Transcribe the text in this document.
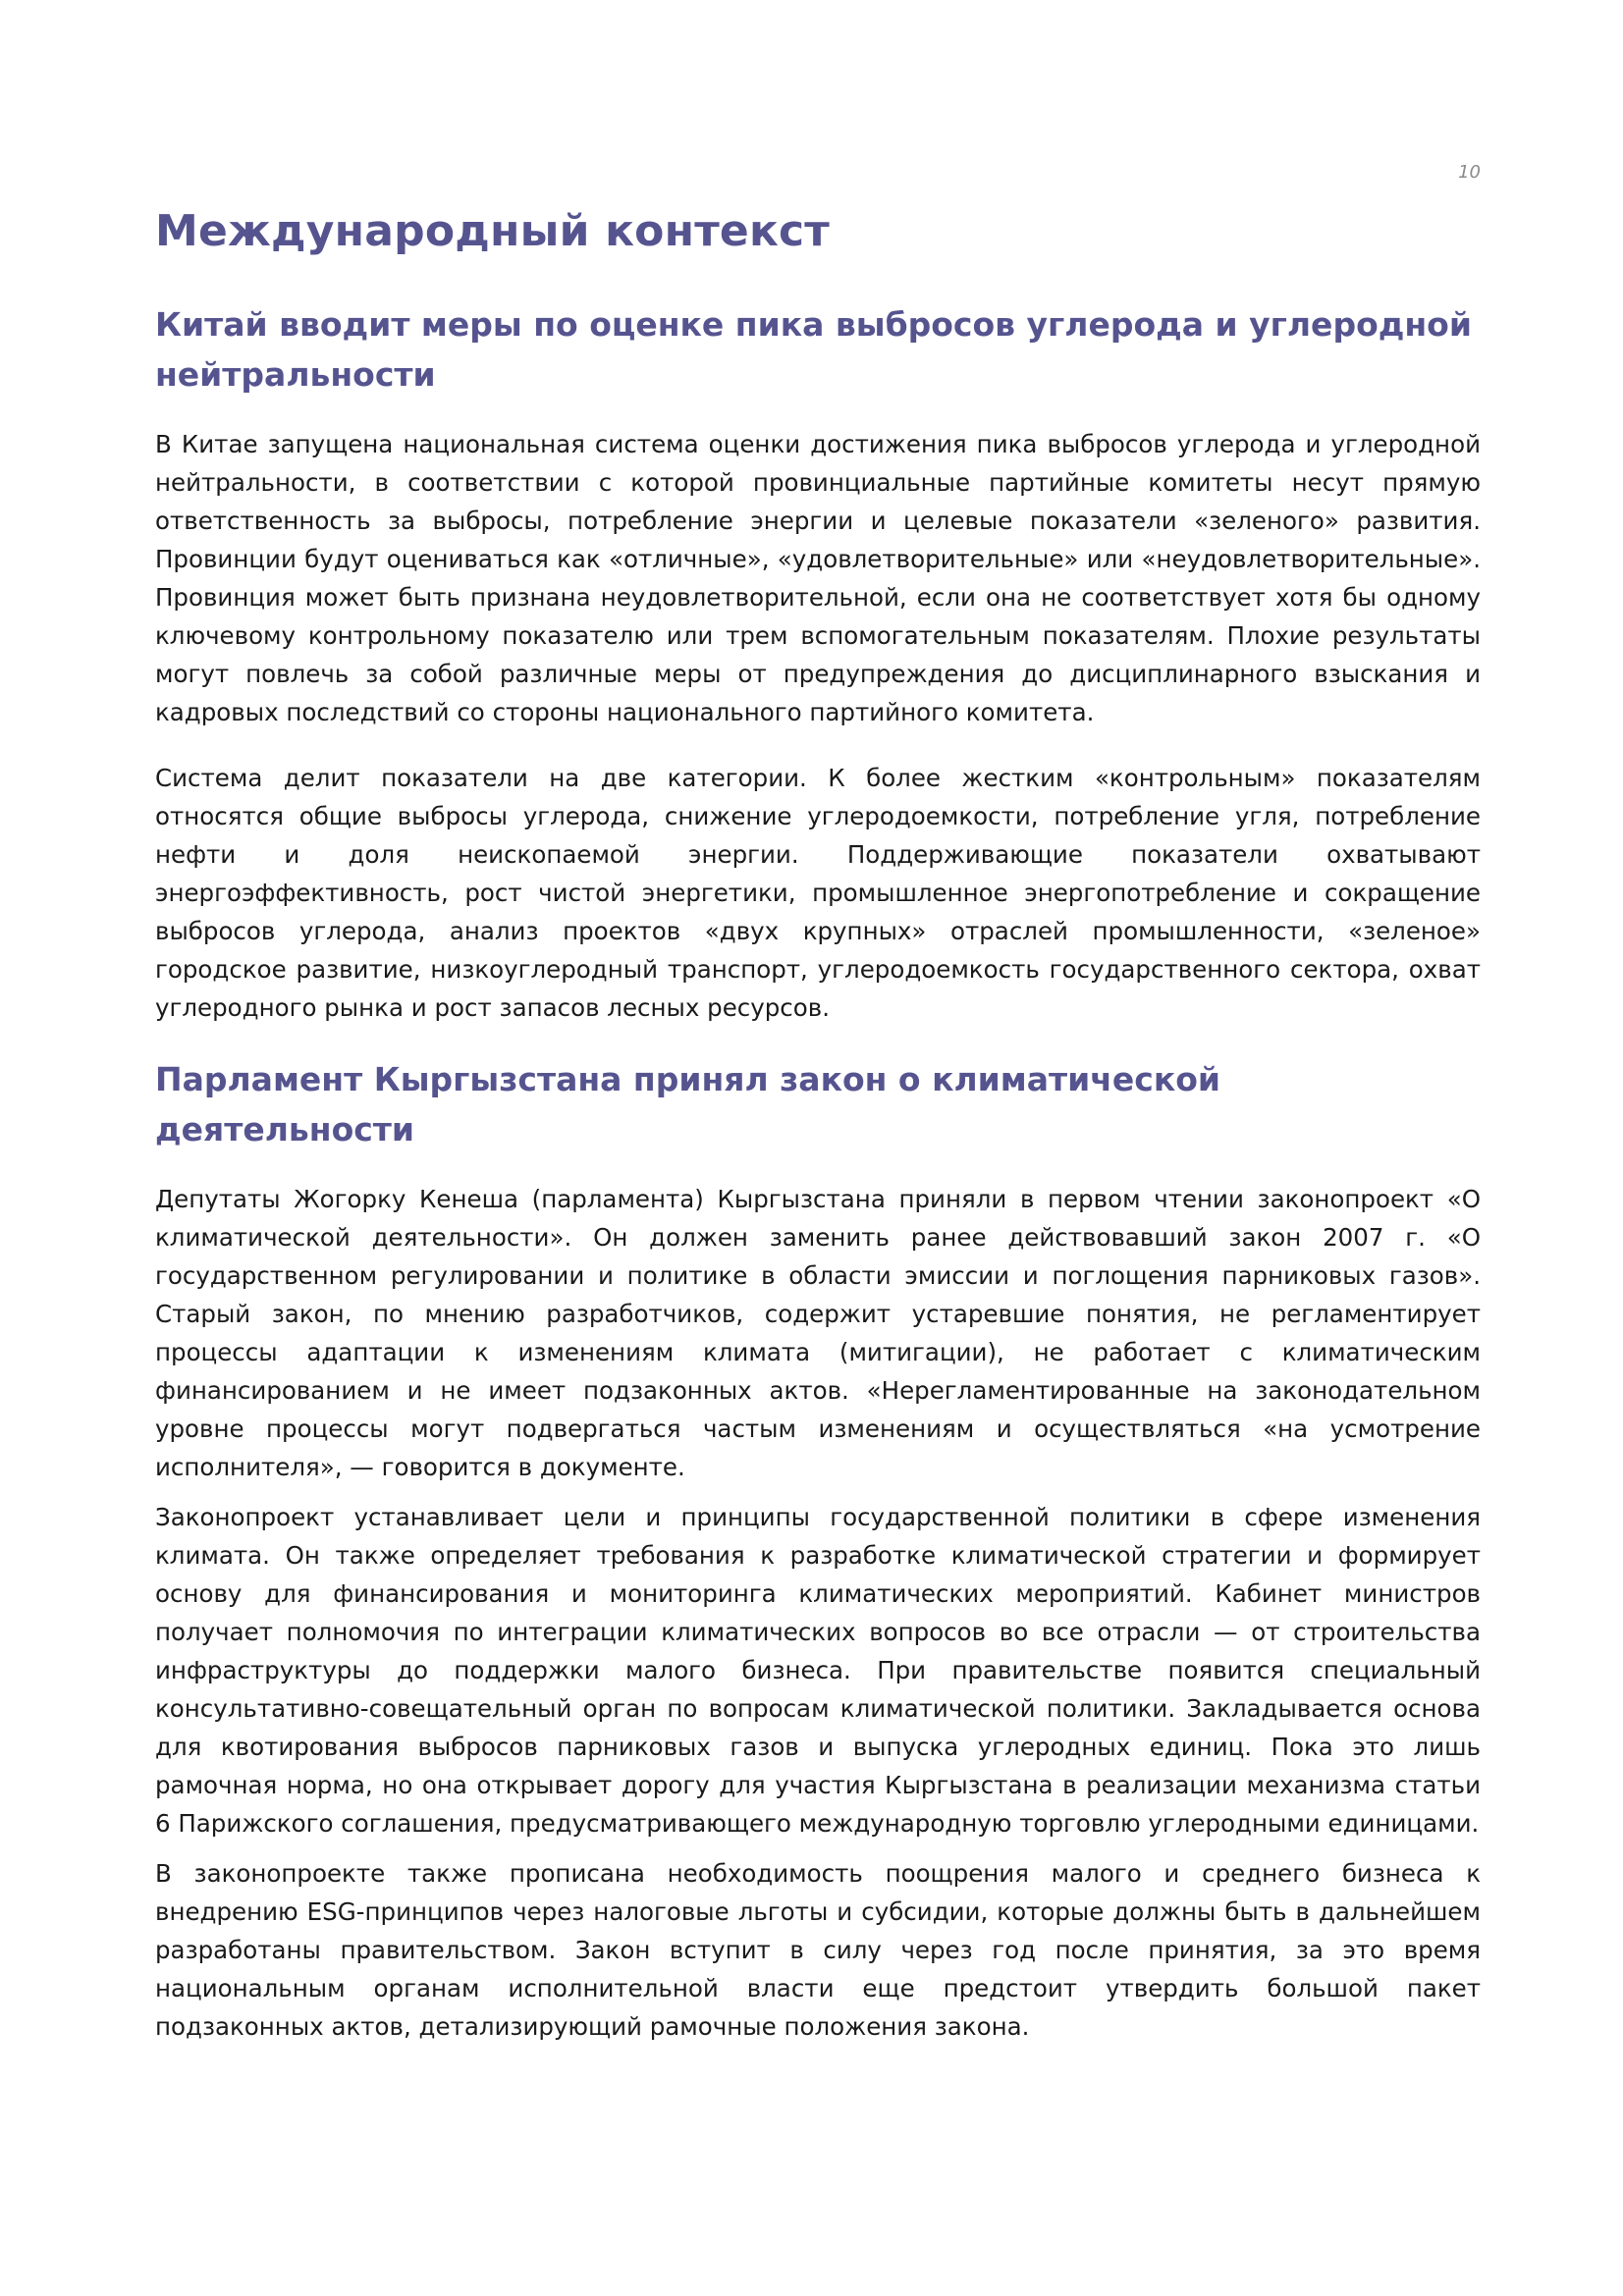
10
Международный контекст
Китай вводит меры по оценке пика выбросов углерода и углеродной нейтральности

В Китае запущена национальная система оценки достижения пика выбросов углерода и углеродной нейтральности, в соответствии с которой провинциальные партийные комитеты несут прямую ответственность за выбросы, потребление энергии и целевые показатели «зеленого» развития. Провинции будут оцениваться как «отличные», «удовлетворительные» или «неудовлетворительные». Провинция может быть признана неудовлетворительной, если она не соответствует хотя бы одному ключевому контрольному показателю или трем вспомогательным показателям. Плохие результаты могут повлечь за собой различные меры от предупреждения до дисциплинарного взыскания и кадровых последствий со стороны национального партийного комитета.

Система делит показатели на две категории. К более жестким «контрольным» показателям относятся общие выбросы углерода, снижение углеродоемкости, потребление угля, потребление нефти и доля неископаемой энергии. Поддерживающие показатели охватывают энергоэффективность, рост чистой энергетики, промышленное энергопотребление и сокращение выбросов углерода, анализ проектов «двух крупных» отраслей промышленности, «зеленое» городское развитие, низкоуглеродный транспорт, углеродоемкость государственного сектора, охват углеродного рынка и рост запасов лесных ресурсов.

Парламент Кыргызстана принял закон о климатической деятельности

Депутаты Жогорку Кенеша (парламента) Кыргызстана приняли в первом чтении законопроект «О климатической деятельности». Он должен заменить ранее действовавший закон 2007 г. «О государственном регулировании и политике в области эмиссии и поглощения парниковых газов». Старый закон, по мнению разработчиков, содержит устаревшие понятия, не регламентирует процессы адаптации к изменениям климата (митигации), не работает с климатическим финансированием и не имеет подзаконных актов. «Нерегламентированные на законодательном уровне процессы могут подвергаться частым изменениям и осуществляться «на усмотрение исполнителя», — говорится в документе.

Законопроект устанавливает цели и принципы государственной политики в сфере изменения климата. Он также определяет требования к разработке климатической стратегии и формирует основу для финансирования и мониторинга климатических мероприятий. Кабинет министров получает полномочия по интеграции климатических вопросов во все отрасли — от строительства инфраструктуры до поддержки малого бизнеса. При правительстве появится специальный консультативно-совещательный орган по вопросам климатической политики. Закладывается основа для квотирования выбросов парниковых газов и выпуска углеродных единиц. Пока это лишь рамочная норма, но она открывает дорогу для участия Кыргызстана в реализации механизма статьи 6 Парижского соглашения, предусматривающего международную торговлю углеродными единицами.

В законопроекте также прописана необходимость поощрения малого и среднего бизнеса к внедрению ESG-принципов через налоговые льготы и субсидии, которые должны быть в дальнейшем разработаны правительством. Закон вступит в силу через год после принятия, за это время национальным органам исполнительной власти еще предстоит утвердить большой пакет подзаконных актов, детализирующий рамочные положения закона.
